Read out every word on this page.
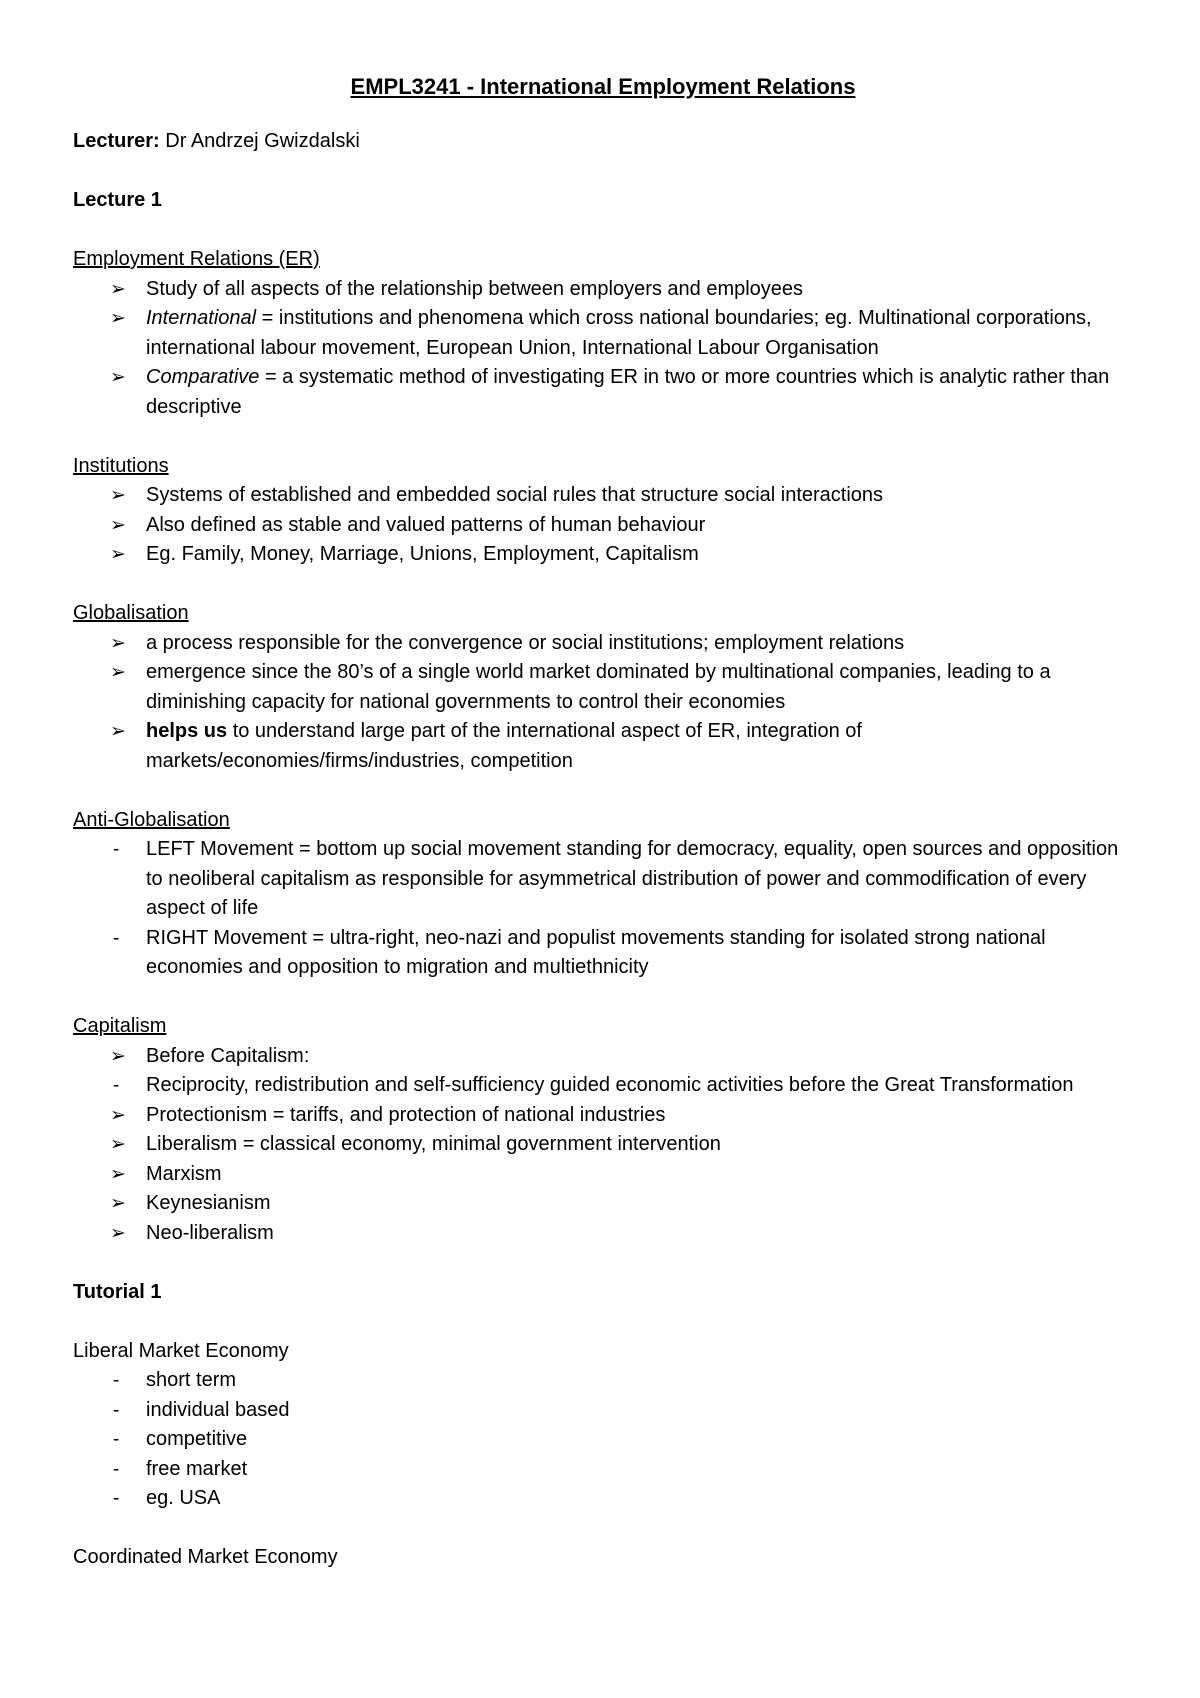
EMPL3241 - International Employment Relations

Lecturer: Dr Andrzej Gwizdalski

Lecture 1

Employment Relations (ER)

➢	Study of all aspects of the relationship between employers and employees
➢	International = institutions and phenomena which cross national boundaries; eg. Multinational corporations, international labour movement, European Union, International Labour Organisation
➢	Comparative = a systematic method of investigating ER in two or more countries which is analytic rather than descriptive

Institutions

➢	Systems of established and embedded social rules that structure social interactions
➢	Also defined as stable and valued patterns of human behaviour
➢	Eg. Family, Money, Marriage, Unions, Employment, Capitalism

Globalisation

➢	a process responsible for the convergence or social institutions; employment relations
➢	emergence since the 80’s of a single world market dominated by multinational companies, leading to a diminishing capacity for national governments to control their economies
➢	helps us to understand large part of the international aspect of ER, integration of markets/economies/firms/industries, competition

Anti-Globalisation

-	LEFT Movement = bottom up social movement standing for democracy, equality, open sources and opposition to neoliberal capitalism as responsible for asymmetrical distribution of power and commodification of every aspect of life
-	RIGHT Movement = ultra-right, neo-nazi and populist movements standing for isolated strong national economies and opposition to migration and multiethnicity

Capitalism

➢	Before Capitalism:
-	Reciprocity, redistribution and self-sufficiency guided economic activities before the Great Transformation
➢	Protectionism = tariffs, and protection of national industries
➢	Liberalism = classical economy, minimal government intervention
➢	Marxism
➢	Keynesianism
➢	Neo-liberalism

Tutorial 1

Liberal Market Economy

-	short term
-	individual based
-	competitive
-	free market
-	eg. USA

Coordinated Market Economy
